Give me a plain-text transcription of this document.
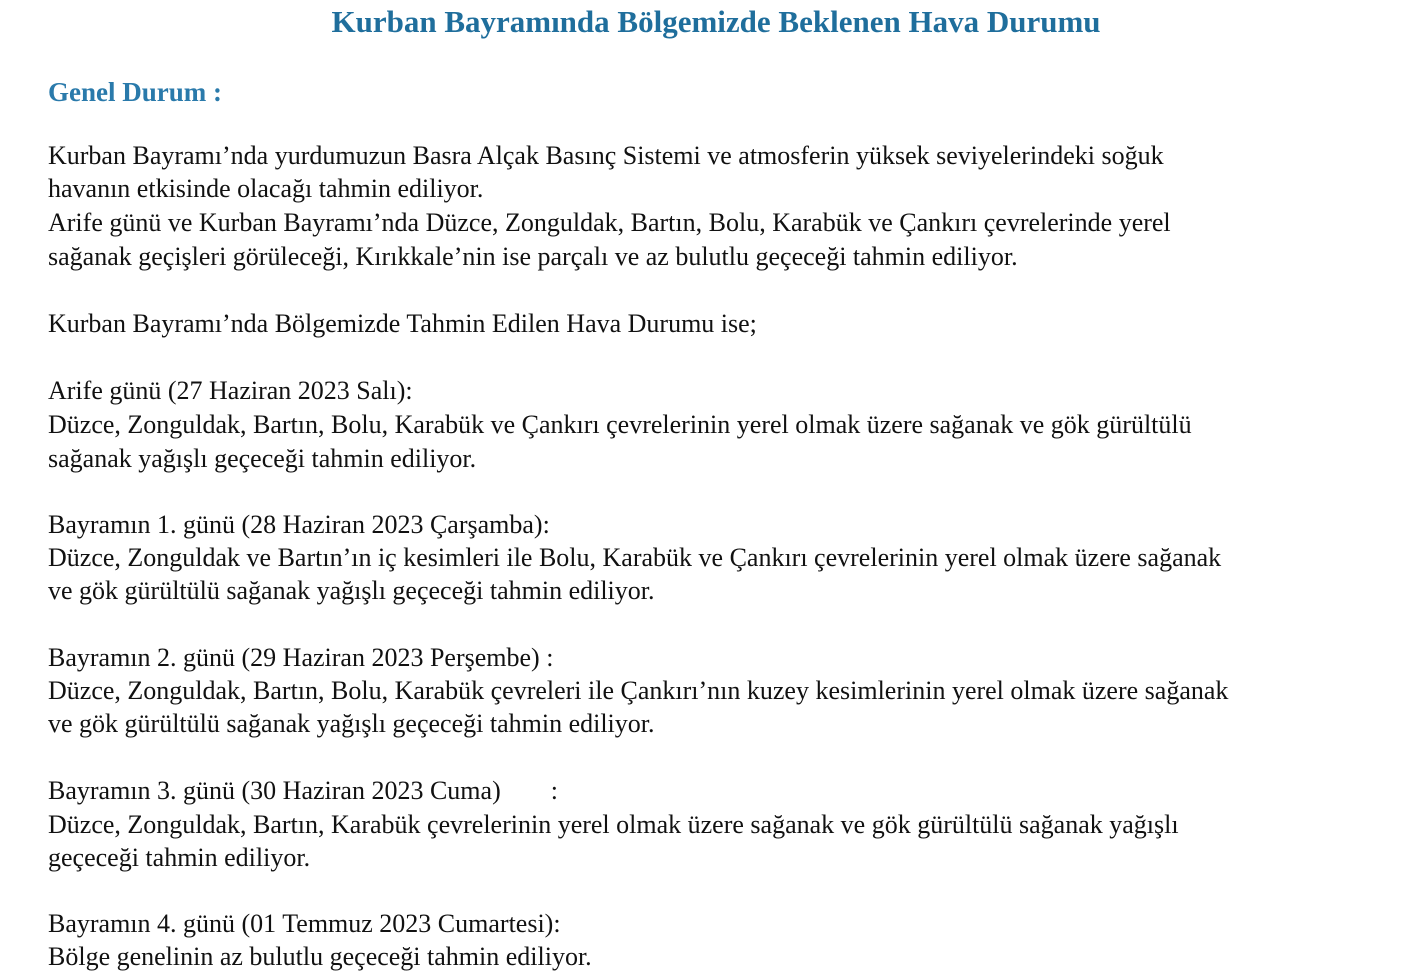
Kurban Bayramında Bölgemizde Beklenen Hava Durumu
Genel Durum :
Kurban Bayramı’nda yurdumuzun Basra Alçak Basınç Sistemi ve atmosferin yüksek seviyelerindeki soğuk
havanın etkisinde olacağı tahmin ediliyor.
Arife günü ve Kurban Bayramı’nda Düzce, Zonguldak, Bartın, Bolu, Karabük ve Çankırı çevrelerinde yerel
sağanak geçişleri görüleceği, Kırıkkale’nin ise parçalı ve az bulutlu geçeceği tahmin ediliyor.
Kurban Bayramı’nda Bölgemizde Tahmin Edilen Hava Durumu ise;
Arife günü (27 Haziran 2023 Salı):
Düzce, Zonguldak, Bartın, Bolu, Karabük ve Çankırı çevrelerinin yerel olmak üzere sağanak ve gök gürültülü
sağanak yağışlı geçeceği tahmin ediliyor.
Bayramın 1. günü (28 Haziran 2023 Çarşamba):
Düzce, Zonguldak ve Bartın’ın iç kesimleri ile Bolu, Karabük ve Çankırı çevrelerinin yerel olmak üzere sağanak
ve gök gürültülü sağanak yağışlı geçeceği tahmin ediliyor.
Bayramın 2. günü (29 Haziran 2023 Perşembe) :
Düzce, Zonguldak, Bartın, Bolu, Karabük çevreleri ile Çankırı’nın kuzey kesimlerinin yerel olmak üzere sağanak
ve gök gürültülü sağanak yağışlı geçeceği tahmin ediliyor.
Bayramın 3. günü (30 Haziran 2023 Cuma) :
Düzce, Zonguldak, Bartın, Karabük çevrelerinin yerel olmak üzere sağanak ve gök gürültülü sağanak yağışlı
geçeceği tahmin ediliyor.
Bayramın 4. günü (01 Temmuz 2023 Cumartesi):
Bölge genelinin az bulutlu geçeceği tahmin ediliyor.
